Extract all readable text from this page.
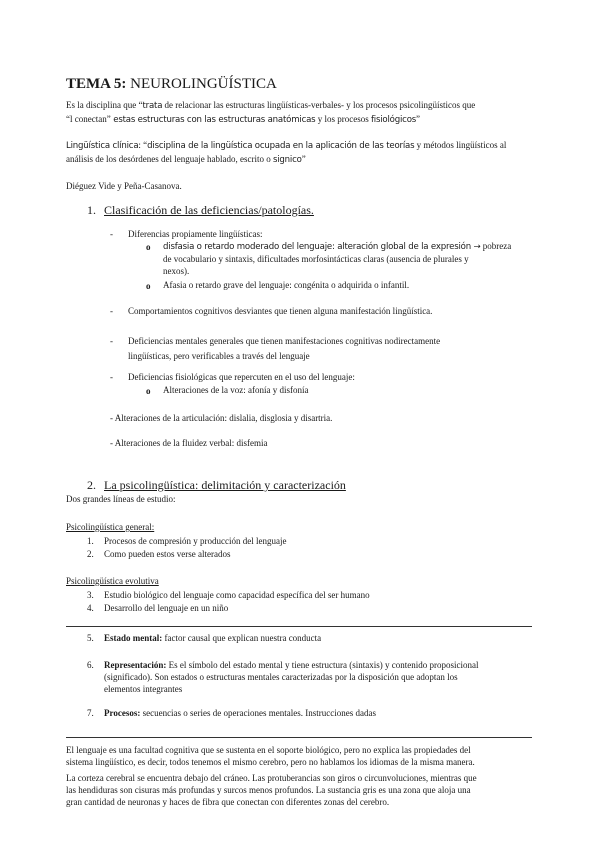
TEMA 5: NEUROLINGÜÍSTICA
Es la disciplina que “trata de relacionar las estructuras lingüísticas-verbales- y los procesos psicolingüísticos que
“l conectan” estas estructuras con las estructuras anatómicas y los procesos fisiológicos”
Lingüística clínica: “disciplina de la lingüística ocupada en la aplicación de las teorías y métodos lingüísticos al
análisis de los desórdenes del lenguaje hablado, escrito o signico”
Diéguez Vide y Peña-Casanova.
1. Clasificación de las deficiencias/patologías.
- Diferencias propiamente lingüísticas:
o disfasia o retardo moderado del lenguaje: alteración global de la expresión → pobreza
de vocabulario y sintaxis, dificultades morfosintácticas claras (ausencia de plurales y
nexos).
o Afasia o retardo grave del lenguaje: congénita o adquirida o infantil.
- Comportamientos cognitivos desviantes que tienen alguna manifestación lingüística.
- Deficiencias mentales generales que tienen manifestaciones cognitivas nodirectamente
lingüísticas, pero verificables a través del lenguaje
- Deficiencias fisiológicas que repercuten en el uso del lenguaje:
o Alteraciones de la voz: afonía y disfonía
- Alteraciones de la articulación: dislalia, disglosia y disartria.
- Alteraciones de la fluidez verbal: disfemia
2. La psicolingüística: delimitación y caracterización
Dos grandes líneas de estudio:
Psicolingüística general:
1. Procesos de compresión y producción del lenguaje
2. Como pueden estos verse alterados
Psicolingüística evolutiva
3. Estudio biológico del lenguaje como capacidad específica del ser humano
4. Desarrollo del lenguaje en un niño
5. Estado mental: factor causal que explican nuestra conducta
6. Representación: Es el símbolo del estado mental y tiene estructura (sintaxis) y contenido proposicional
(significado). Son estados o estructuras mentales caracterizadas por la disposición que adoptan los
elementos integrantes
7. Procesos: secuencias o series de operaciones mentales. Instrucciones dadas
El lenguaje es una facultad cognitiva que se sustenta en el soporte biológico, pero no explica las propiedades del
sistema lingüístico, es decir, todos tenemos el mismo cerebro, pero no hablamos los idiomas de la misma manera.
La corteza cerebral se encuentra debajo del cráneo. Las protuberancias son giros o circunvoluciones, mientras que
las hendiduras son cisuras más profundas y surcos menos profundos. La sustancia gris es una zona que aloja una
gran cantidad de neuronas y haces de fibra que conectan con diferentes zonas del cerebro.
